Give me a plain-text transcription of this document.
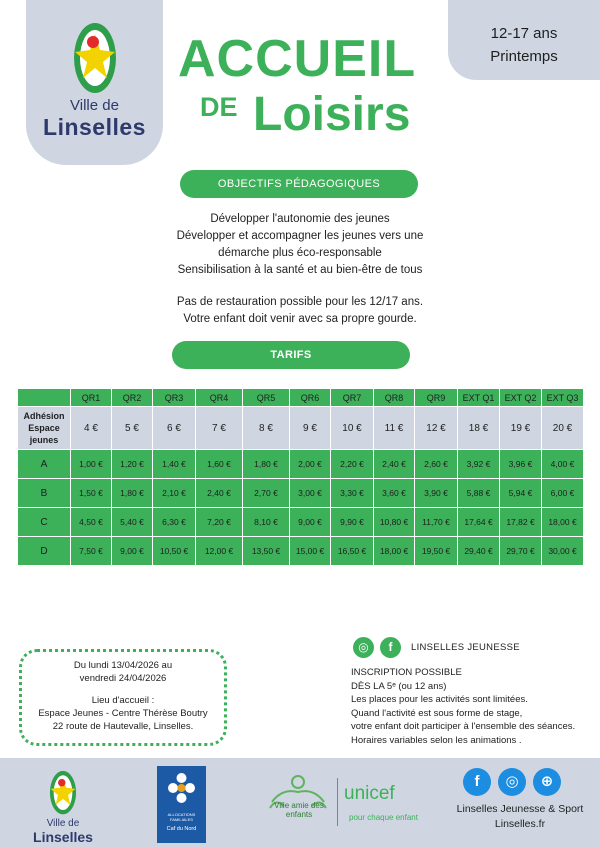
Ville de
Linselles
12-17 ans
Printemps
ACCUEIL
DE Loisirs
OBJECTIFS PÉDAGOGIQUES
Développer l'autonomie des jeunes
Développer et accompagner les jeunes vers une
démarche plus éco-responsable
Sensibilisation à la santé et au bien-être de tous
Pas de restauration possible pour les 12/17 ans.
Votre enfant doit venir avec sa propre gourde.
TARIFS
	QR1	QR2	QR3	QR4	QR5	QR6	QR7	QR8	QR9	EXT Q1	EXT Q2	EXT Q3

Adhésion
Espace
jeunes	4 €	5 €	6 €	7 €	8 €	9 €	10 €	11 €	12 €	18 €	19 €	20 €
A	1,00 €	1,20 €	1,40 €	1,60 €	1,80 €	2,00 €	2,20 €	2,40 €	2,60 €	3,92 €	3,96 €	4,00 €
B	1,50 €	1,80 €	2,10 €	2,40 €	2,70 €	3,00 €	3,30 €	3,60 €	3,90 €	5,88 €	5,94 €	6,00 €
C	4,50 €	5,40 €	6,30 €	7,20 €	8,10 €	9,00 €	9,90 €	10,80 €	11,70 €	17,64 €	17,82 €	18,00 €
D	7,50 €	9,00 €	10,50 €	12,00 €	13,50 €	15,00 €	16,50 €	18,00 €	19,50 €	29,40 €	29,70 €	30,00 €
Du lundi 13/04/2026 au
vendredi 24/04/2026
Lieu d'accueil :
Espace Jeunes - Centre Thérèse Boutry
22 route de Hautevalle, Linselles.
◎	f	LINSELLES JEUNESSE
INSCRIPTION POSSIBLE
DÈS LA 5ᵉ (ou 12 ans)
Les places pour les activités sont limitées.
Quand l'activité est sous forme de stage,
votre enfant doit participer à l'ensemble des séances.
Horaires variables selon les animations .
Ville de
Linselles
ALLOCATIONS FAMILIALES
Caf du Nord
Ville amie des enfants
unicef
pour chaque enfant
f	◎	⊕
Linselles Jeunesse & Sport
Linselles.fr
